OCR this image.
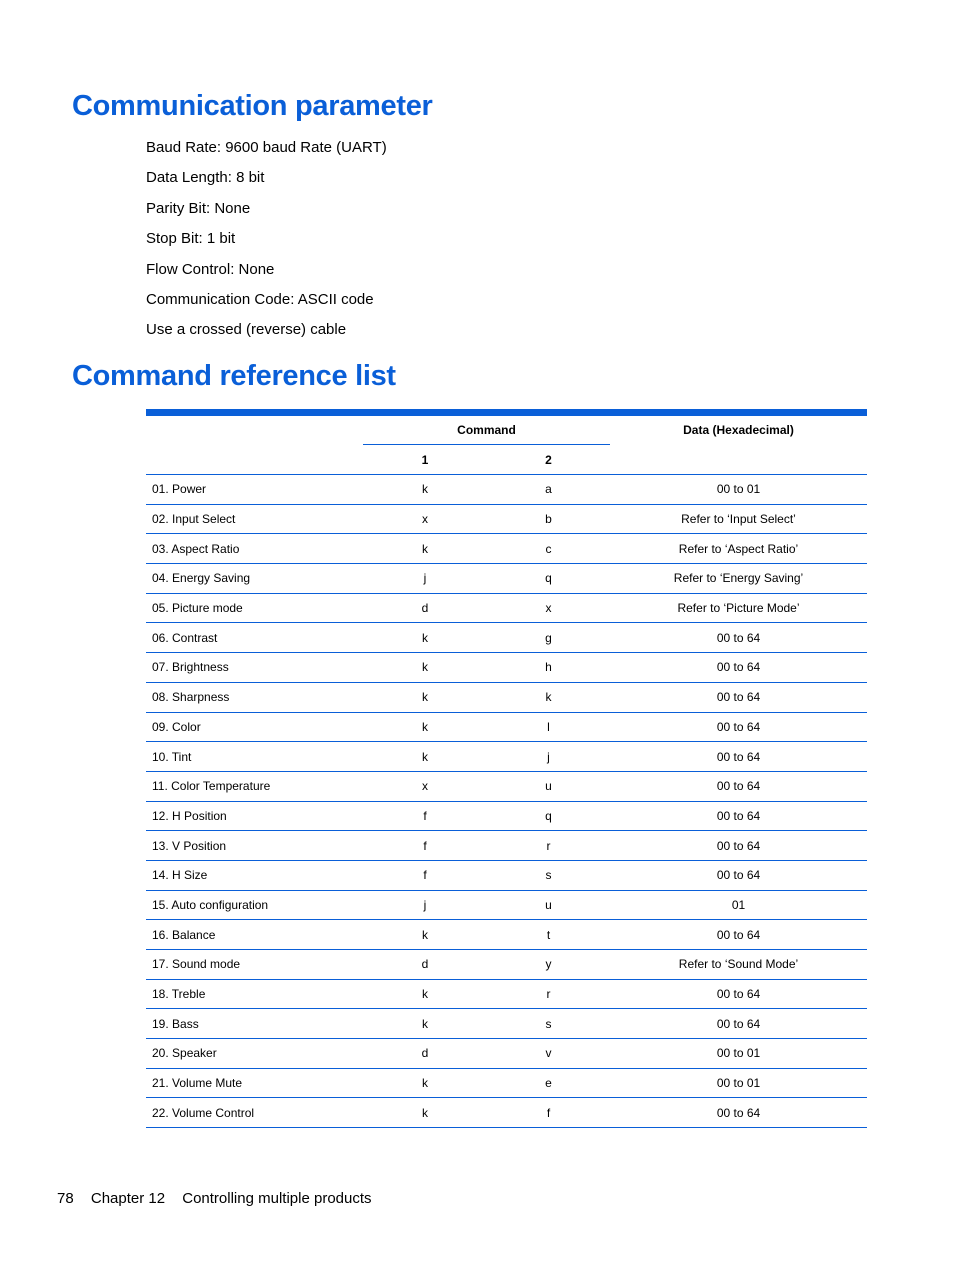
Communication parameter
Baud Rate: 9600 baud Rate (UART)
Data Length: 8 bit
Parity Bit: None
Stop Bit: 1 bit
Flow Control: None
Communication Code: ASCII code
Use a crossed (reverse) cable
Command reference list
	Command		Data (Hexadecimal)
	1	2	
01. Power	k	a	00 to 01
02. Input Select	x	b	Refer to ‘Input Select’
03. Aspect Ratio	k	c	Refer to ‘Aspect Ratio’
04. Energy Saving	j	q	Refer to ‘Energy Saving’
05. Picture mode	d	x	Refer to ‘Picture Mode’
06. Contrast	k	g	00 to 64
07. Brightness	k	h	00 to 64
08. Sharpness	k	k	00 to 64
09. Color	k	l	00 to 64
10. Tint	k	j	00 to 64
11. Color Temperature	x	u	00 to 64
12. H Position	f	q	00 to 64
13. V Position	f	r	00 to 64
14. H Size	f	s	00 to 64
15. Auto configuration	j	u	01
16. Balance	k	t	00 to 64
17. Sound mode	d	y	Refer to ‘Sound Mode’
18. Treble	k	r	00 to 64
19. Bass	k	s	00 to 64
20. Speaker	d	v	00 to 01
21. Volume Mute	k	e	00 to 01
22. Volume Control	k	f	00 to 64
78 Chapter 12 Controlling multiple products
